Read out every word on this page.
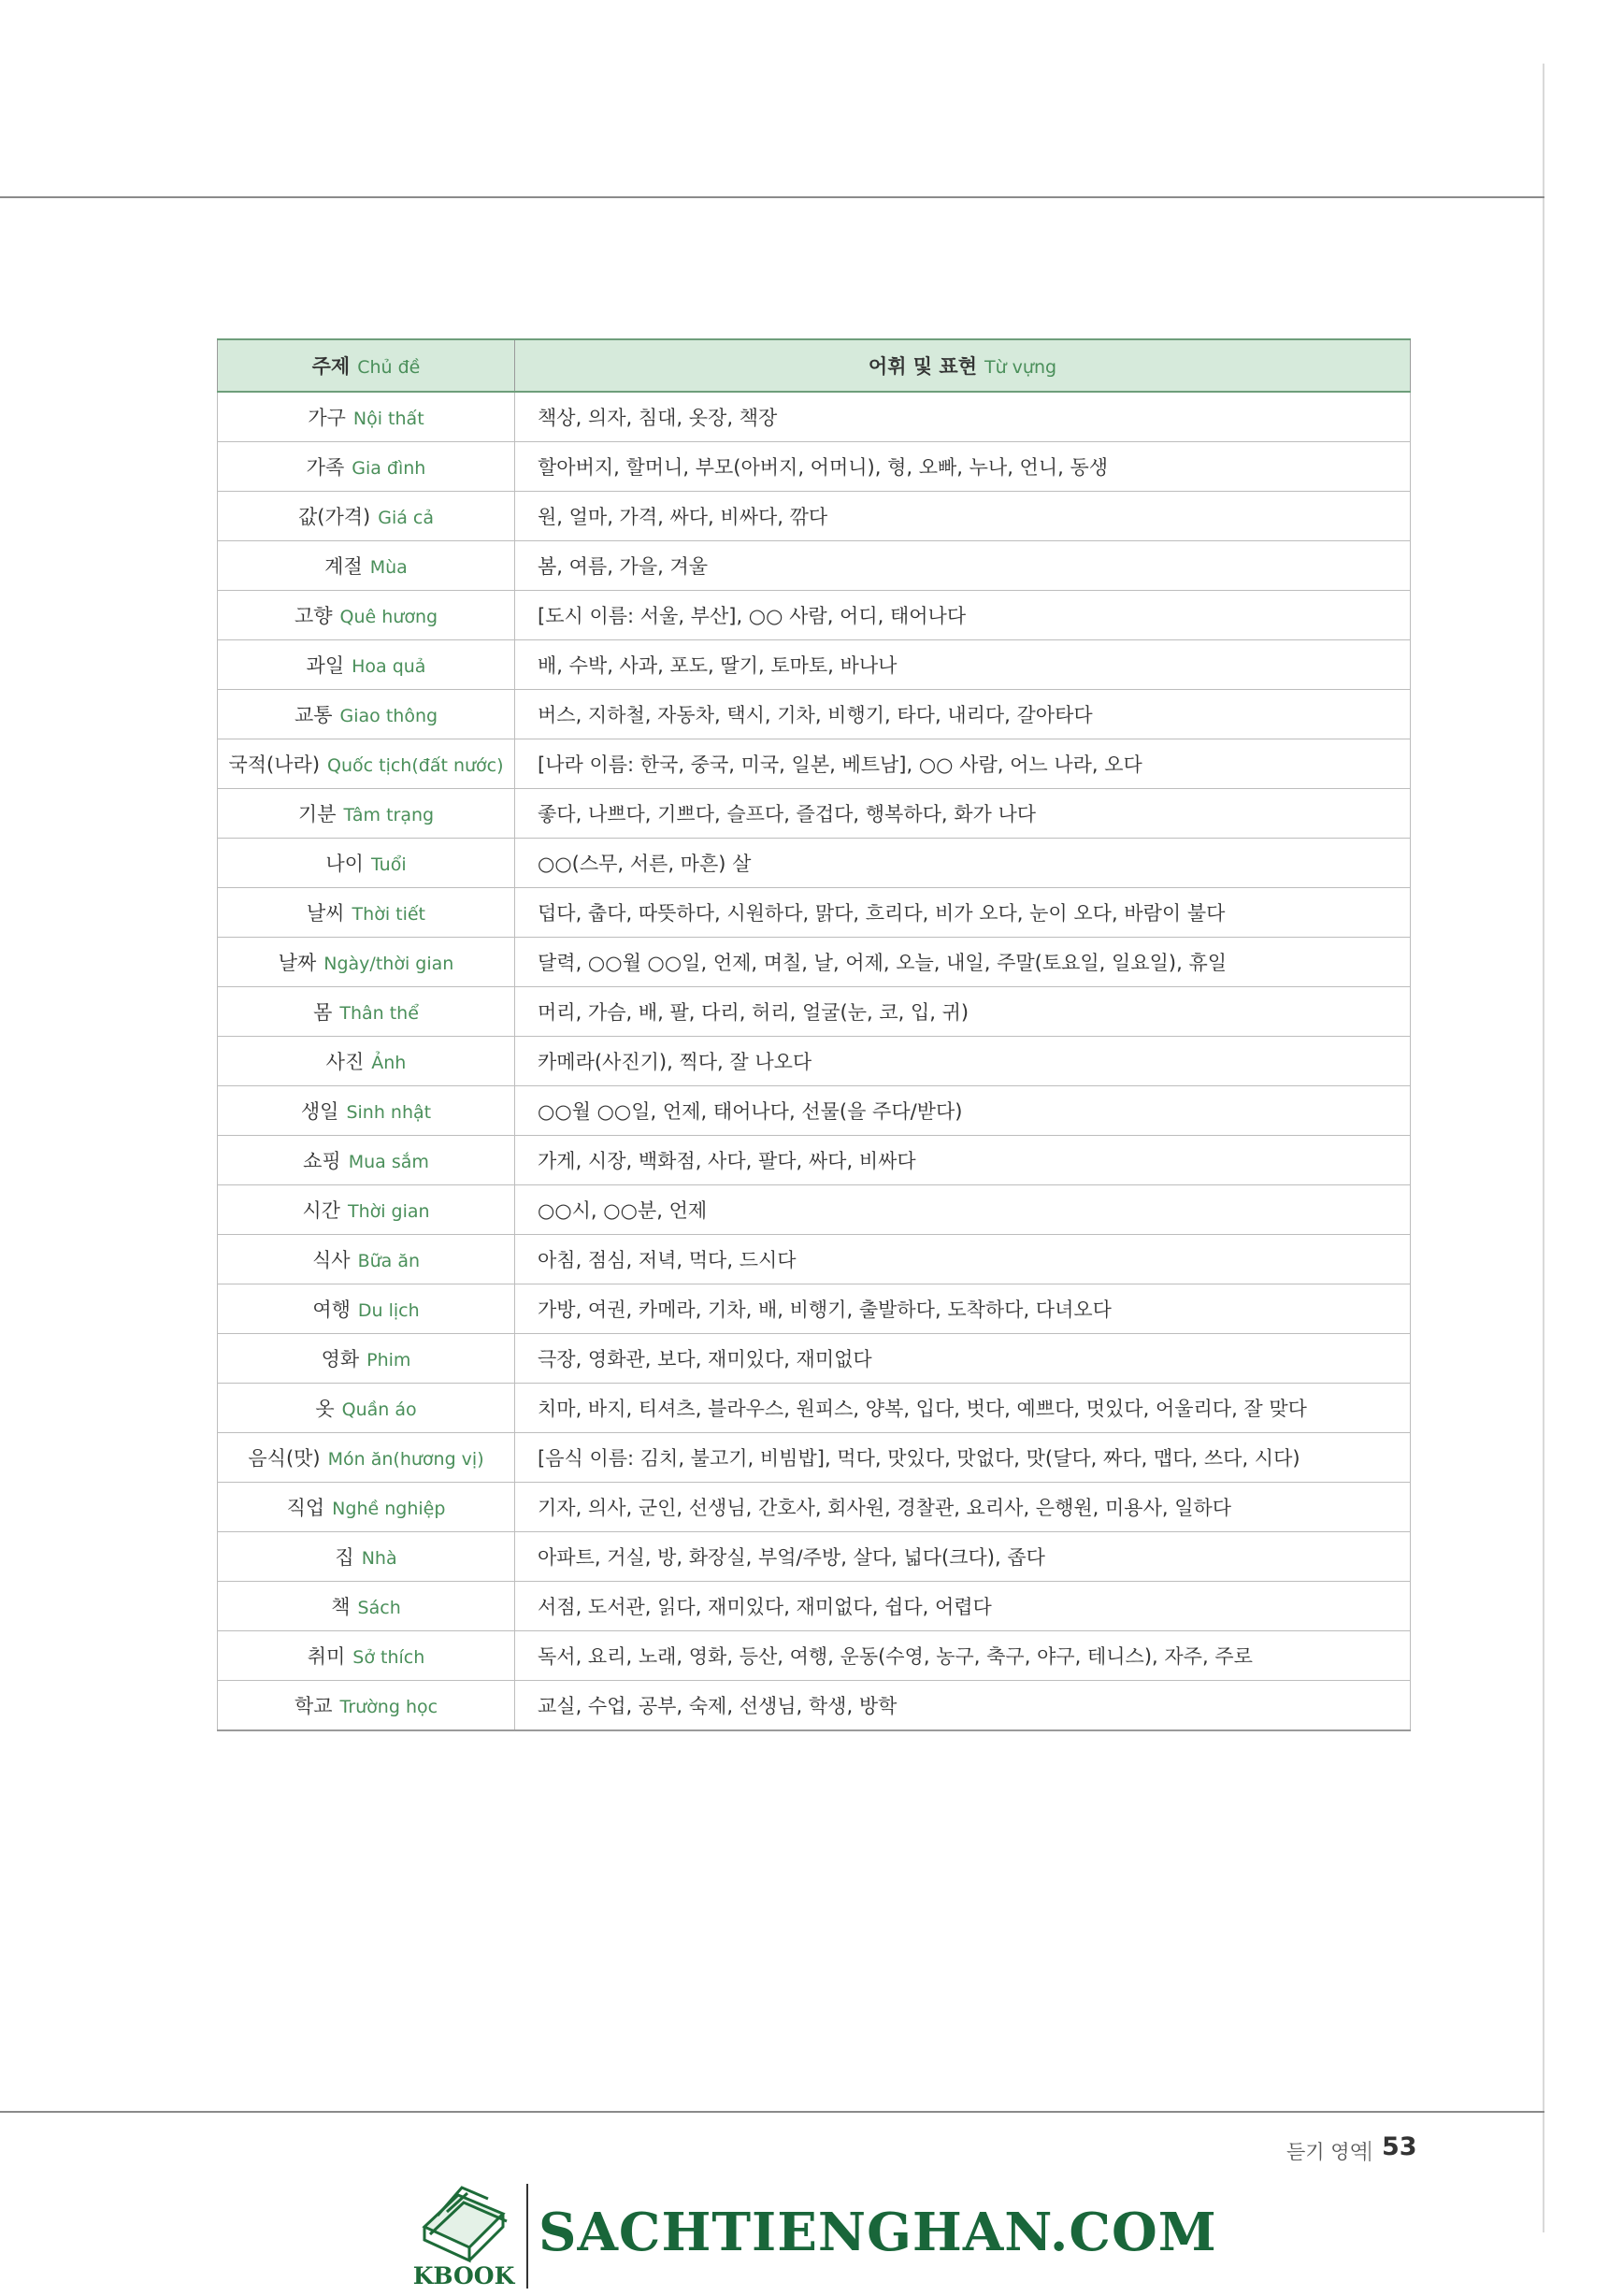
주제 Chủ đề	어휘 및 표현 Từ vựng
가구 Nội thất	책상, 의자, 침대, 옷장, 책장
가족 Gia đình	할아버지, 할머니, 부모(아버지, 어머니), 형, 오빠, 누나, 언니, 동생
값(가격) Giá cả	원, 얼마, 가격, 싸다, 비싸다, 깎다
계절 Mùa	봄, 여름, 가을, 겨울
고향 Quê hương	[도시 이름: 서울, 부산], ○○ 사람, 어디, 태어나다
과일 Hoa quả	배, 수박, 사과, 포도, 딸기, 토마토, 바나나
교통 Giao thông	버스, 지하철, 자동차, 택시, 기차, 비행기, 타다, 내리다, 갈아타다
국적(나라) Quốc tịch(đất nước)	[나라 이름: 한국, 중국, 미국, 일본, 베트남], ○○ 사람, 어느 나라, 오다
기분 Tâm trạng	좋다, 나쁘다, 기쁘다, 슬프다, 즐겁다, 행복하다, 화가 나다
나이 Tuổi	○○(스무, 서른, 마흔) 살
날씨 Thời tiết	덥다, 춥다, 따뜻하다, 시원하다, 맑다, 흐리다, 비가 오다, 눈이 오다, 바람이 불다
날짜 Ngày/thời gian	달력, ○○월 ○○일, 언제, 며칠, 날, 어제, 오늘, 내일, 주말(토요일, 일요일), 휴일
몸 Thân thể	머리, 가슴, 배, 팔, 다리, 허리, 얼굴(눈, 코, 입, 귀)
사진 Ảnh	카메라(사진기), 찍다, 잘 나오다
생일 Sinh nhật	○○월 ○○일, 언제, 태어나다, 선물(을 주다/받다)
쇼핑 Mua sắm	가게, 시장, 백화점, 사다, 팔다, 싸다, 비싸다
시간 Thời gian	○○시, ○○분, 언제
식사 Bữa ăn	아침, 점심, 저녁, 먹다, 드시다
여행 Du lịch	가방, 여권, 카메라, 기차, 배, 비행기, 출발하다, 도착하다, 다녀오다
영화 Phim	극장, 영화관, 보다, 재미있다, 재미없다
옷 Quần áo	치마, 바지, 티셔츠, 블라우스, 원피스, 양복, 입다, 벗다, 예쁘다, 멋있다, 어울리다, 잘 맞다
음식(맛) Món ăn(hương vị)	[음식 이름: 김치, 불고기, 비빔밥], 먹다, 맛있다, 맛없다, 맛(달다, 짜다, 맵다, 쓰다, 시다)
직업 Nghề nghiệp	기자, 의사, 군인, 선생님, 간호사, 회사원, 경찰관, 요리사, 은행원, 미용사, 일하다
집 Nhà	아파트, 거실, 방, 화장실, 부엌/주방, 살다, 넓다(크다), 좁다
책 Sách	서점, 도서관, 읽다, 재미있다, 재미없다, 쉽다, 어렵다
취미 Sở thích	독서, 요리, 노래, 영화, 등산, 여행, 운동(수영, 농구, 축구, 야구, 테니스), 자주, 주로
학교 Trường học	교실, 수업, 공부, 숙제, 선생님, 학생, 방학
듣기 영역 53
KBOOK
SACHTIENGHAN.COM
